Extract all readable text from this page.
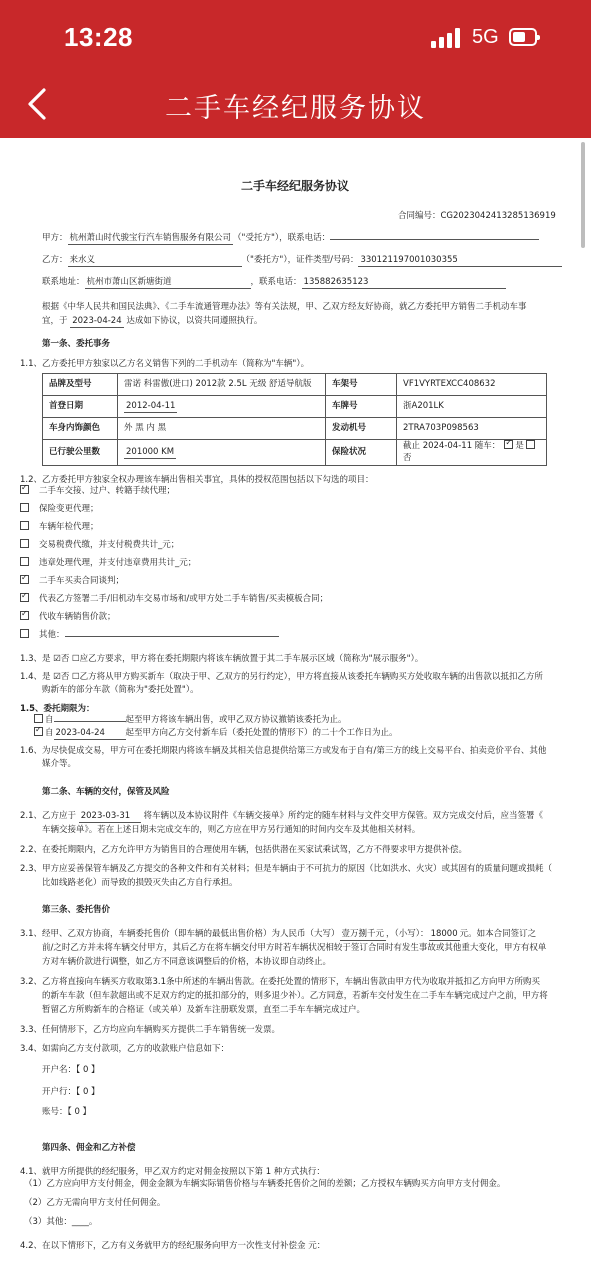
13:28	5G
二手车经纪服务协议
二手车经纪服务协议
合同编号：CG2023042413285136919
甲方： 杭州萧山时代骏宝行汽车销售服务有限公司 （"受托方"），联系电话：
乙方： 来水义	（"委托方"），证件类型/号码： 330121197001030355
联系地址： 杭州市萧山区新塘街道	，联系电话： 135882635123
根据《中华人民共和国民法典》、《二手车流通管理办法》等有关法规，甲、乙双方经友好协商，就乙方委托甲方销售二手机动车事
宜，于 2023-04-24 达成如下协议，以资共同遵照执行。
第一条、委托事务
1.1、乙方委托甲方独家以乙方名义销售下列的二手机动车（简称为"车辆"）。
品牌及型号	雷诺 科雷傲(进口) 2012款 2.5L 无级 舒适导航版	车架号	VF1VYRTEXCC408632
首登日期	2012-04-11	车牌号	浙A201LK
车身内饰颜色	外 黑 内 黑	发动机号	2TRA703P098563
已行驶公里数	201000 KM	保险状况	截止 2024-04-11 随车： ✓ 是否
1.2、乙方委托甲方独家全权办理该车辆出售相关事宜，具体的授权范围包括以下勾选的项目：
✓二手车交接、过户、转籍手续代理；
保险变更代理；
车辆年检代理；
交易税费代缴，并支付税费共计_元；
违章处理代理，并支付违章费用共计_元；
✓二手车买卖合同谈判；
✓代表乙方签署二手/旧机动车交易市场和/或甲方处二手车销售/买卖模板合同；
✓代收车辆销售价款；
其他：
1.3、是 ☑否 ☐应乙方要求，甲方将在委托期限内将该车辆放置于其二手车展示区域（简称为"展示服务"）。
1.4、是 ☑否 ☐乙方将从甲方购买新车（取决于甲、乙双方的另行约定），甲方将直接从该委托车辆购买方处收取车辆的出售款以抵扣乙方所
购新车的部分车款（简称为"委托处置"）。
1.5、委托期限为：
自	起至甲方将该车辆出售，或甲乙双方协议撤销该委托为止。
✓自 2023-04-24 起至甲方向乙方交付新车后（委托处置的情形下）的二十个工作日为止。
1.6、为尽快促成交易，甲方可在委托期限内将该车辆及其相关信息提供给第三方或发布于自有/第三方的线上交易平台、拍卖竞价平台、其他
媒介等。
第二条、车辆的交付，保管及风险
2.1、乙方应于 2023-03-31 将车辆以及本协议附件《车辆交接单》所约定的随车材料与文件交甲方保管。双方完成交付后，应当签署《
车辆交接单》。若在上述日期未完成交车的，则乙方应在甲方另行通知的时间内交车及其他相关材料。
2.2、在委托期限内，乙方允许甲方为销售目的合理使用车辆，包括供潜在买家试乘试驾，乙方不得要求甲方提供补偿。
2.3、甲方应妥善保管车辆及乙方提交的各种文件和有关材料；但是车辆由于不可抗力的原因（比如洪水、火灾）或其固有的质量问题或损耗（
比如线路老化）而导致的损毁灭失由乙方自行承担。
第三条、委托售价
3.1、经甲、乙双方协商，车辆委托售价（即车辆的最低出售价格）为人民币（大写） 壹万捌千元 ，（小写）： 18000 元。如本合同签订之
前/之时乙方并未将车辆交付甲方，其后乙方在将车辆交付甲方时若车辆状况相较于签订合同时有发生事故或其他重大变化，甲方有权单
方对车辆价款进行调整，如乙方不同意该调整后的价格，本协议即自动终止。
3.2、乙方将直接向车辆买方收取第3.1条中所述的车辆出售款。在委托处置的情形下，车辆出售款由甲方代为收取并抵扣乙方向甲方所购买
的新车车款（但车款超出或不足双方约定的抵扣部分的，则多退少补）。乙方同意，若新车交付发生在二手车车辆完成过户之前，甲方将
暂留乙方所购新车的合格证（或关单）及新车注册联发票，直至二手车车辆完成过户。
3.3、任何情形下，乙方均应向车辆购买方提供二手车销售统一发票。
3.4、如需向乙方支付款项，乙方的收款账户信息如下：
开户名：【 0 】
开户行：【 0 】
账号：【 0 】
第四条、佣金和乙方补偿
4.1、就甲方所提供的经纪服务，甲乙双方约定对佣金按照以下第 1 种方式执行：
（1）乙方应向甲方支付佣金，佣金金额为车辆实际销售价格与车辆委托售价之间的差额；乙方授权车辆购买方向甲方支付佣金。
（2）乙方无需向甲方支付任何佣金。
（3）其他：____。
4.2、在以下情形下，乙方有义务就甲方的经纪服务向甲方一次性支付补偿金 元：
